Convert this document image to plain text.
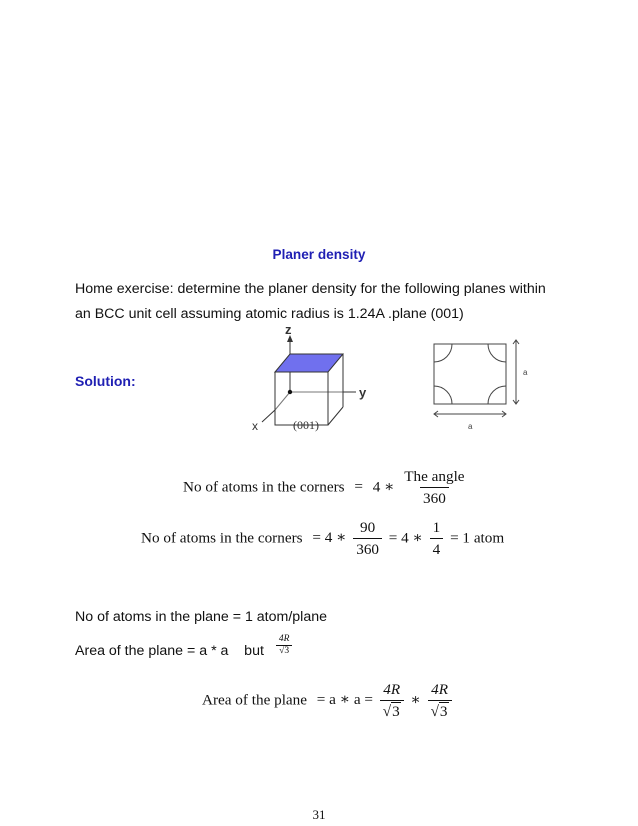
Planer density
Home exercise: determine the planer density for the following planes within
an BCC unit cell assuming atomic radius is 1.24A .plane (001)
Solution:
z
y
x	(001)
a
a
No of atoms in the corners = 4 ∗ $\frac{\text{The angle}}{360}$
No of atoms in the corners = 4 ∗ $\frac{90}{360} = 4$ ∗ $\frac{1}{4} = 1$ atom
No of atoms in the plane = 1 atom/plane
Area of the plane = a * a    but $\frac{4R}{√3}$
Area of the plane = a ∗ $a = \frac{4R}{√3}$ ∗ $\frac{4R}{√3}$
31
